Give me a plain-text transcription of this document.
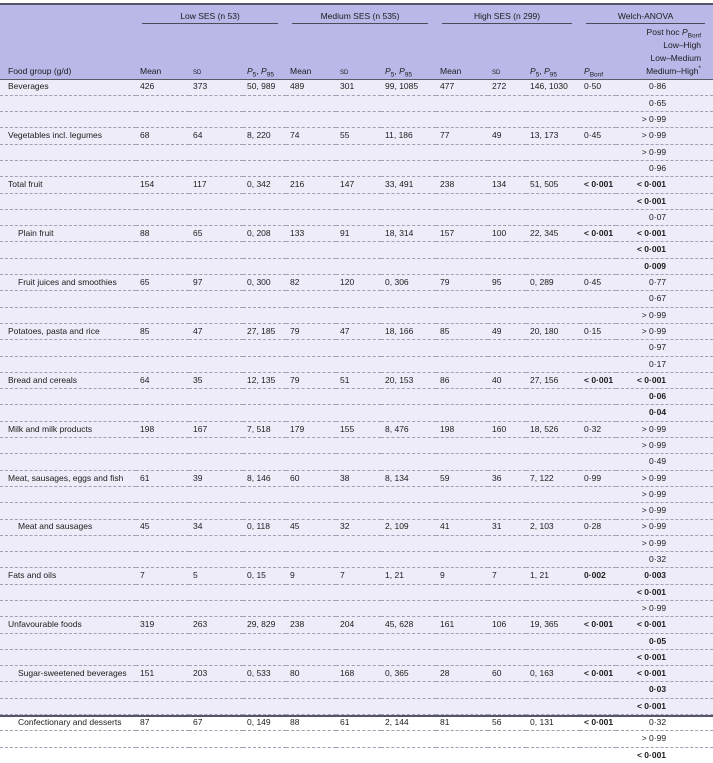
	Low SES (n 53)			Medium SES (n 535)			High SES (n 299)			Welch-ANOVA	

										Post hoc $P_{Bonf}$
										Low–High	
										Low–Medium	
Food group (g/d)	Mean	sd	$P_5$, $P_{95}$	Mean	sd	$P_5$, $P_{95}$	Mean	sd	$P_5$, $P_{95}$	$P_{Bonf}$	Medium–High*
Beverages	426	373	50, 989	489	301	99, 1085	477	272	146, 1030	0·50	0·86
											0·65
											> 0·99
Vegetables incl. legumes	68	64	8, 220	74	55	11, 186	77	49	13, 173	0·45	> 0·99
											> 0·99
											0·96
Total fruit	154	117	0, 342	216	147	33, 491	238	134	51, 505	< 0·001	< 0·001
											< 0·001
											0·07
Plain fruit	88	65	0, 208	133	91	18, 314	157	100	22, 345	< 0·001	< 0·001
											< 0·001
											0·009
Fruit juices and smoothies	65	97	0, 300	82	120	0, 306	79	95	0, 289	0·45	0·77
											0·67
											> 0·99
Potatoes, pasta and rice	85	47	27, 185	79	47	18, 166	85	49	20, 180	0·15	> 0·99
											0·97
											0·17
Bread and cereals	64	35	12, 135	79	51	20, 153	86	40	27, 156	< 0·001	< 0·001
											0·06
											0·04
Milk and milk products	198	167	7, 518	179	155	8, 476	198	160	18, 526	0·32	> 0·99
											> 0·99
											0·49
Meat, sausages, eggs and fish	61	39	8, 146	60	38	8, 134	59	36	7, 122	0·99	> 0·99
											> 0·99
											> 0·99
Meat and sausages	45	34	0, 118	45	32	2, 109	41	31	2, 103	0·28	> 0·99
											> 0·99
											0·32
Fats and oils	7	5	0, 15	9	7	1, 21	9	7	1, 21	0·002	0·003
											< 0·001
											> 0·99
Unfavourable foods	319	263	29, 829	238	204	45, 628	161	106	19, 365	< 0·001	< 0·001
											0·05
											< 0·001
Sugar-sweetened beverages	151	203	0, 533	80	168	0, 365	28	60	0, 163	< 0·001	< 0·001
											0·03
											< 0·001
Confectionary and desserts	87	67	0, 149	88	61	2, 144	81	56	0, 131	< 0·001	0·32
											> 0·99
											< 0·001
